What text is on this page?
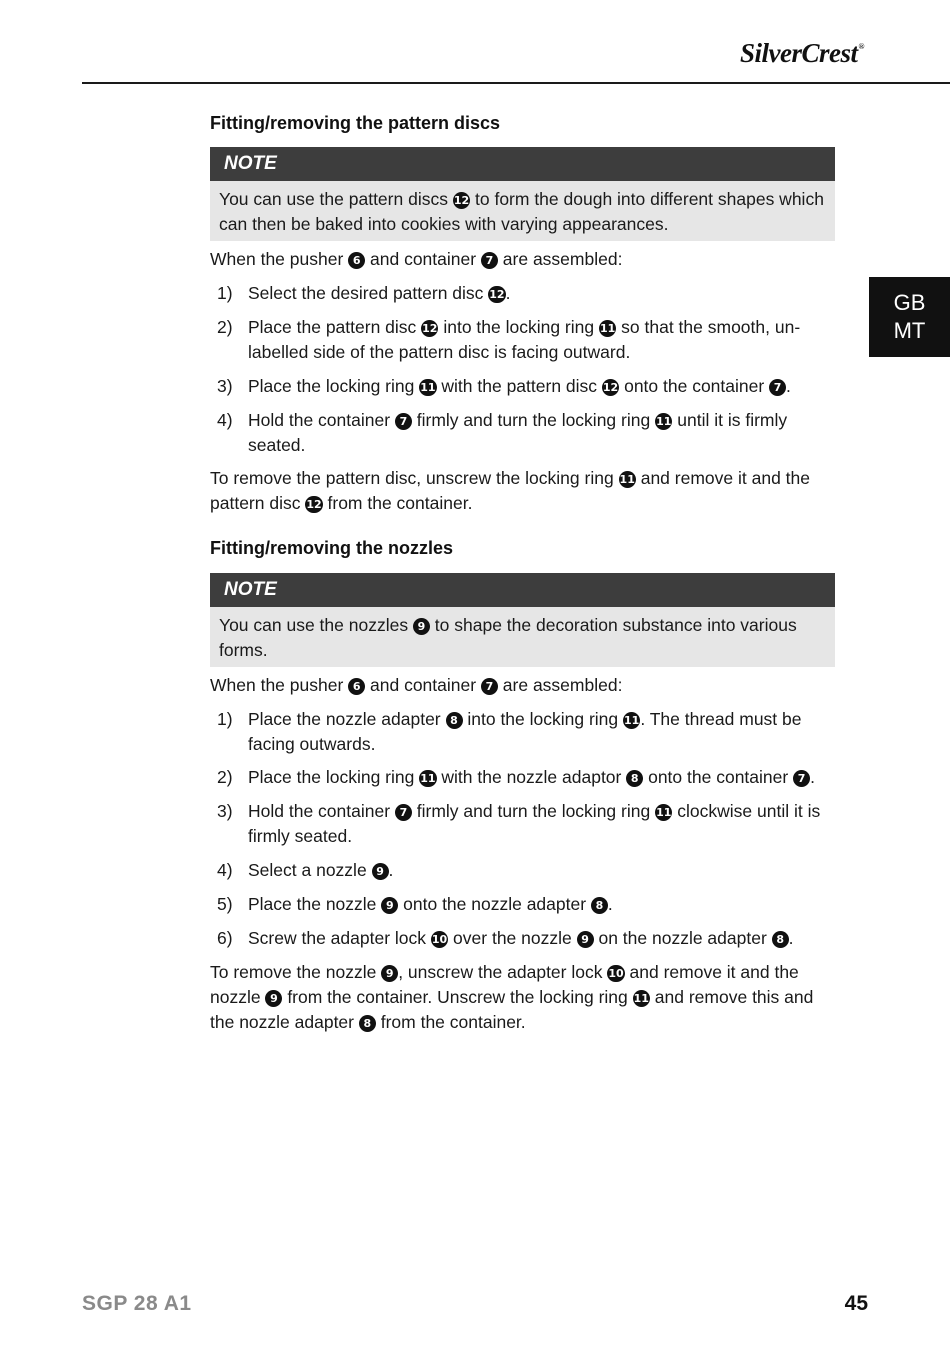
SilverCrest®
GB
MT
Fitting/removing the pattern discs
NOTE
You can use the pattern discs 12 to form the dough into different shapes which can then be baked into cookies with varying appearances.
When the pusher 6 and container 7 are assembled:
1) Select the desired pattern disc 12.
2) Place the pattern disc 12 into the locking ring 11 so that the smooth, un-labelled side of the pattern disc is facing outward.
3) Place the locking ring 11 with the pattern disc 12 onto the container 7 .
4) Hold the container 7 firmly and turn the locking ring 11 until it is firmly seated.
To remove the pattern disc, unscrew the locking ring 11 and remove it and the pattern disc 12 from the container.
Fitting/removing the nozzles
NOTE
You can use the nozzles 9 to shape the decoration substance into various forms.
When the pusher 6 and container 7 are assembled:
1) Place the nozzle adapter 8 into the locking ring 11. The thread must be facing outwards.
2) Place the locking ring 11 with the nozzle adaptor 8 onto the container 7 .
3) Hold the container 7 firmly and turn the locking ring 11 clockwise until it is firmly seated.
4) Select a nozzle 9 .
5) Place the nozzle 9 onto the nozzle adapter 8 .
6) Screw the adapter lock 10 over the nozzle 9 on the nozzle adapter 8 .
To remove the nozzle 9 , unscrew the adapter lock 10 and remove it and the nozzle 9 from the container. Unscrew the locking ring 11 and remove this and the nozzle adapter 8 from the container.
SGP 28 A1	45
